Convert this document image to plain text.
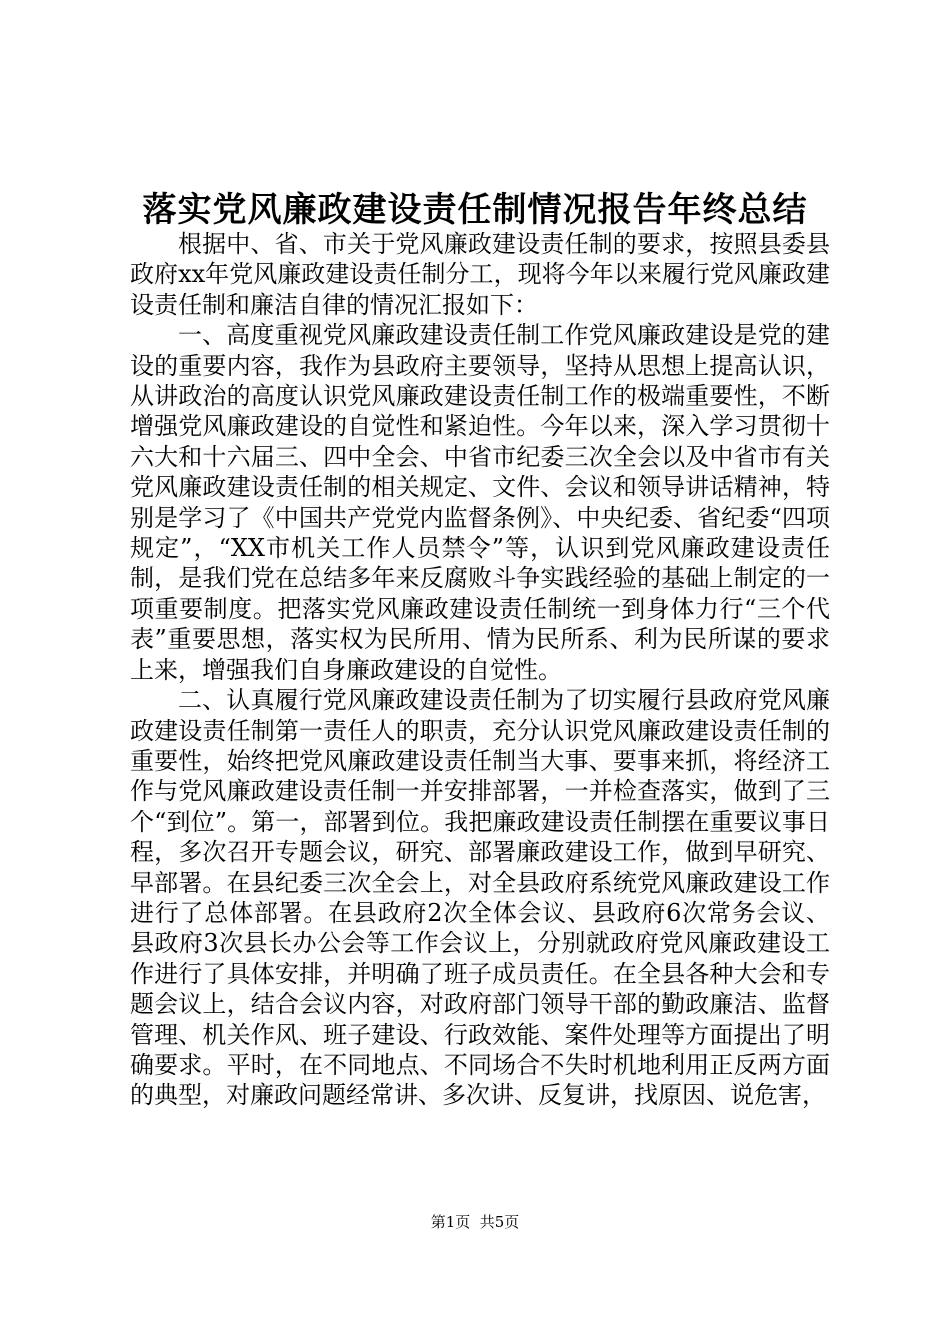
落实党风廉政建设责任制情况报告年终总结

根据中、省、市关于党风廉政建设责任制的要求，按照县委县政府xx年党风廉政建设责任制分工，现将今年以来履行党风廉政建设责任制和廉洁自律的情况汇报如下：

一、高度重视党风廉政建设责任制工作党风廉政建设是党的建设的重要内容，我作为县政府主要领导，坚持从思想上提高认识，从讲政治的高度认识党风廉政建设责任制工作的极端重要性，不断增强党风廉政建设的自觉性和紧迫性。今年以来，深入学习贯彻十六大和十六届三、四中全会、中省市纪委三次全会以及中省市有关党风廉政建设责任制的相关规定、文件、会议和领导讲话精神，特别是学习了《中国共产党党内监督条例》、中央纪委、省纪委“四项规定”，“XX市机关工作人员禁令”等，认识到党风廉政建设责任制，是我们党在总结多年来反腐败斗争实践经验的基础上制定的一项重要制度。把落实党风廉政建设责任制统一到身体力行“三个代表”重要思想，落实权为民所用、情为民所系、利为民所谋的要求上来，增强我们自身廉政建设的自觉性。

二、认真履行党风廉政建设责任制为了切实履行县政府党风廉政建设责任制第一责任人的职责，充分认识党风廉政建设责任制的重要性，始终把党风廉政建设责任制当大事、要事来抓，将经济工作与党风廉政建设责任制一并安排部署，一并检查落实，做到了三个“到位”。第一，部署到位。我把廉政建设责任制摆在重要议事日程，多次召开专题会议，研究、部署廉政建设工作，做到早研究、早部署。在县纪委三次全会上，对全县政府系统党风廉政建设工作进行了总体部署。在县政府2次全体会议、县政府6次常务会议、县政府3次县长办公会等工作会议上，分别就政府党风廉政建设工作进行了具体安排，并明确了班子成员责任。在全县各种大会和专题会议上，结合会议内容，对政府部门领导干部的勤政廉洁、监督管理、机关作风、班子建设、行政效能、案件处理等方面提出了明确要求。平时，在不同地点、不同场合不失时机地利用正反两方面的典型，对廉政问题经常讲、多次讲、反复讲，找原因、说危害，

第1页  共5页
